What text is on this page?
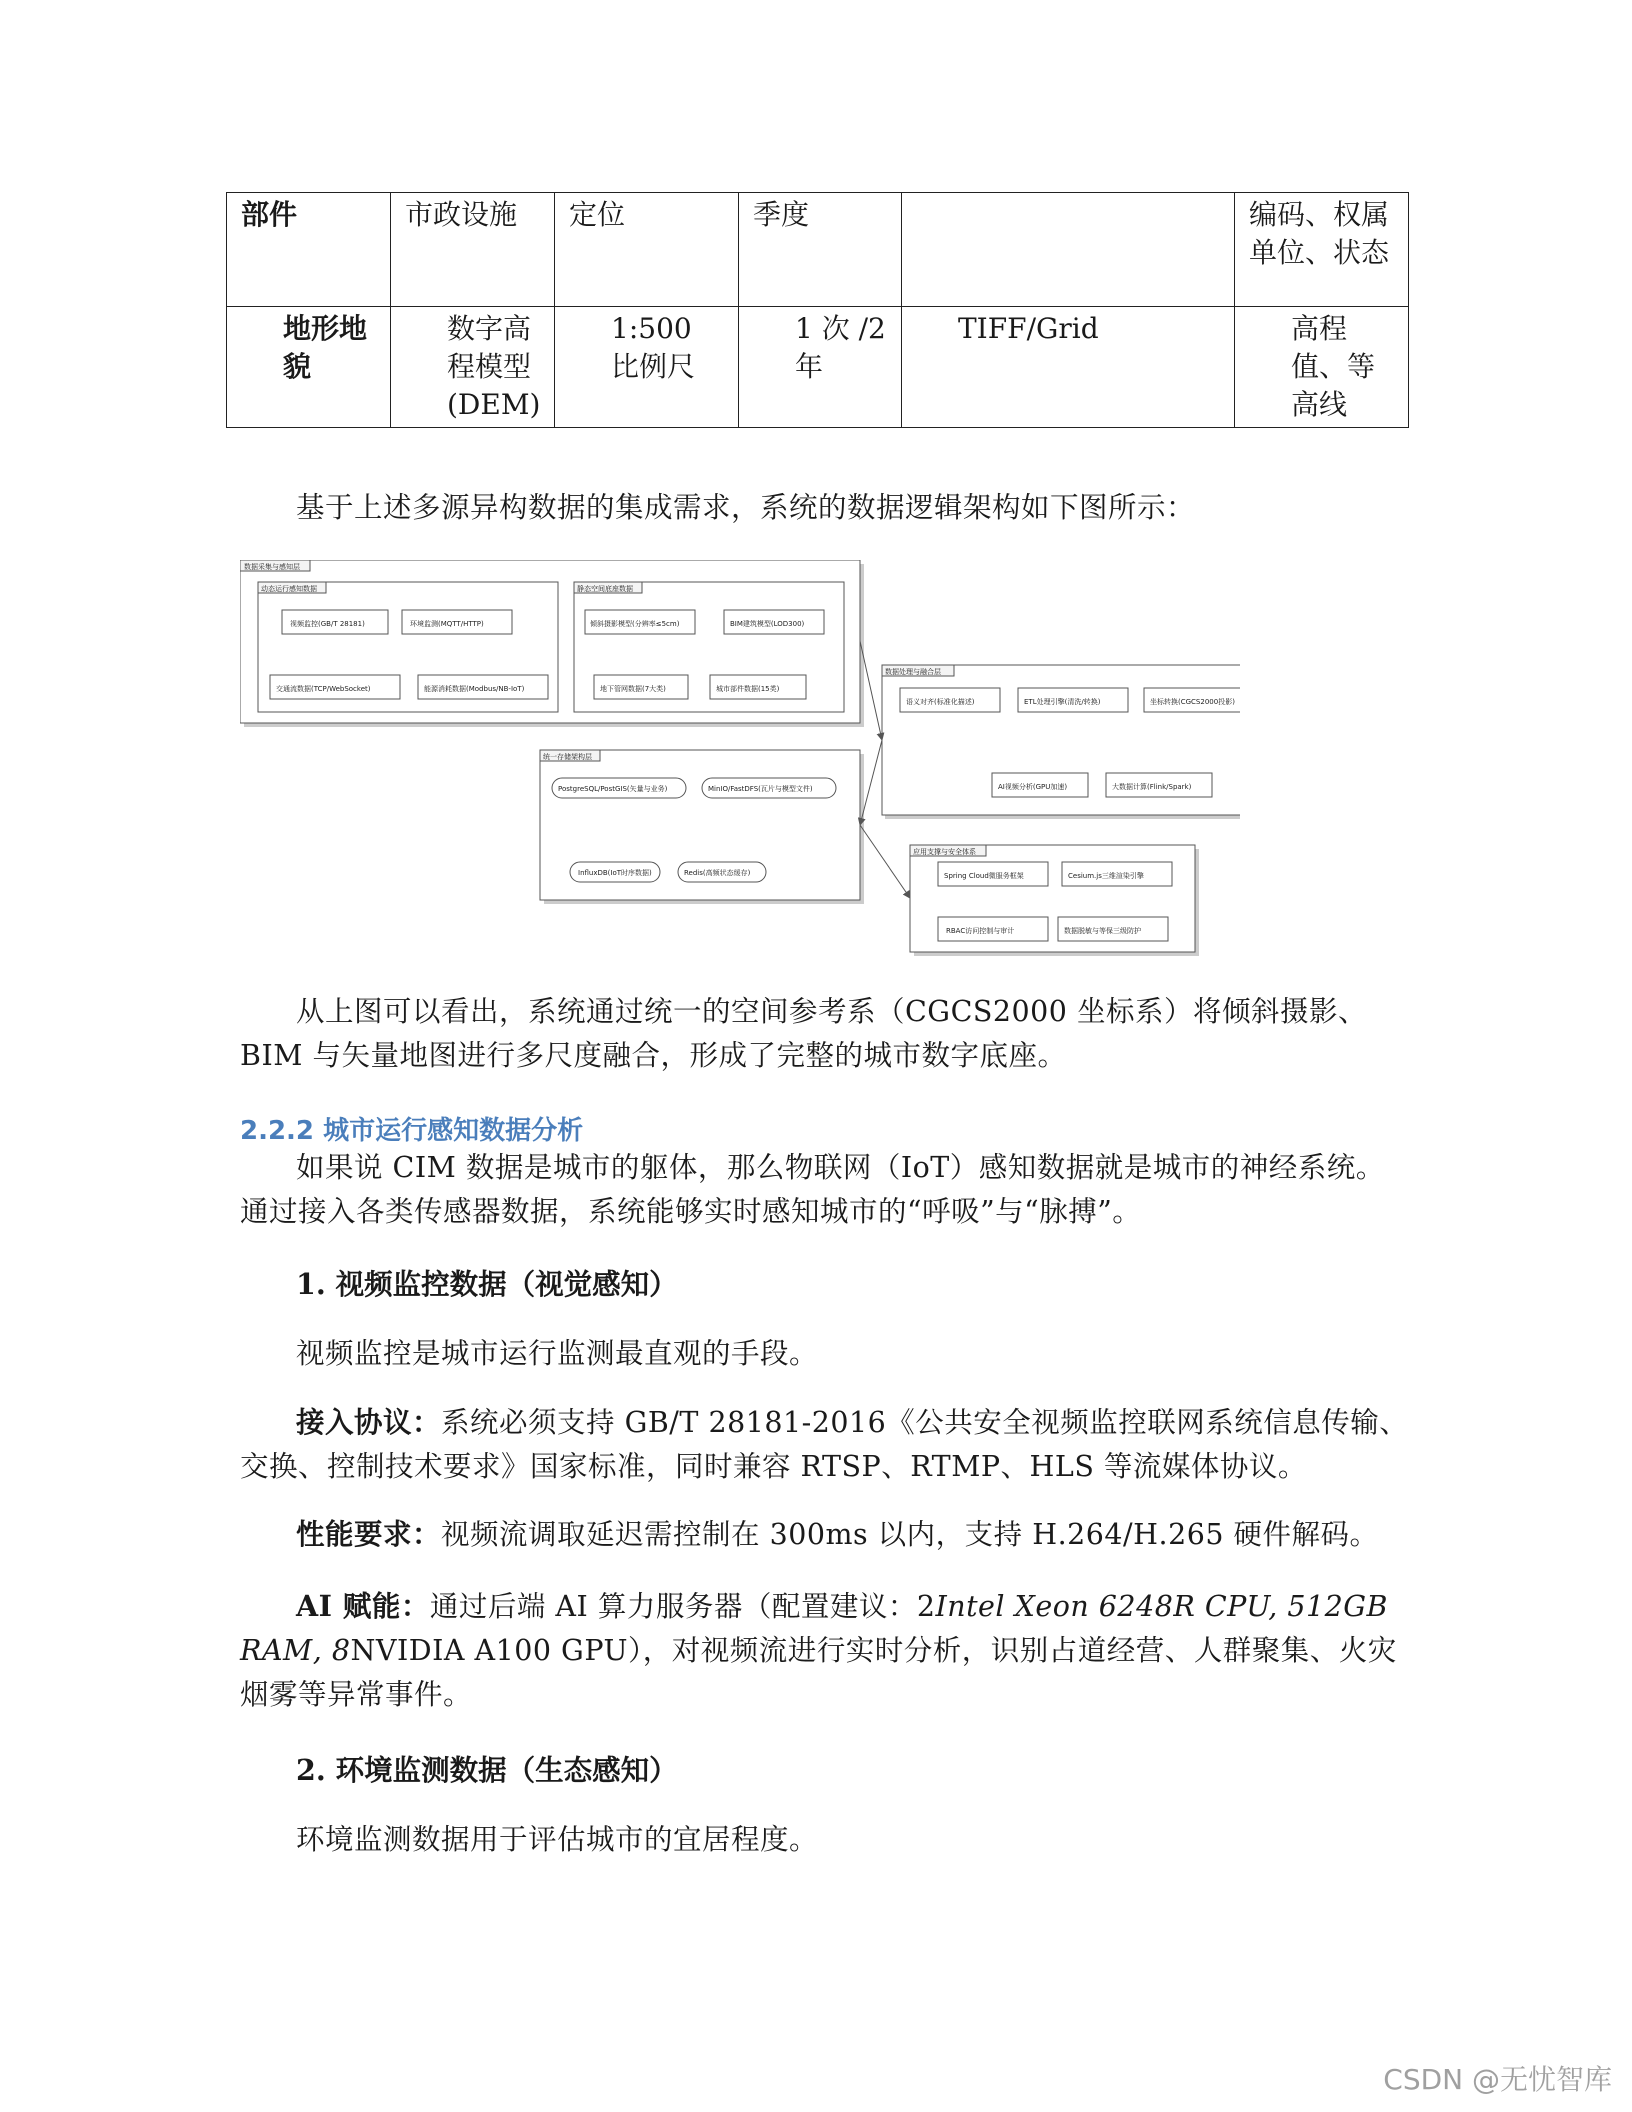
部件	市政设施	定位	季度		编码、权属单位、状态
地形地貌	数字高程模型(DEM)	1:500 比例尺	1 次 /2 年	TIFF/Grid	高程值、等高线

基于上述多源异构数据的集成需求，系统的数据逻辑架构如下图所示：

数据采集与感知层
动态运行感知数据	静态空间底座数据
数据处理与融合层
统一存储架构层
应用支撑与安全体系
视频监控(GB/T 28181)	环境监测(MQTT/HTTP)
交通流数据(TCP/WebSocket)	能源消耗数据(Modbus/NB-IoT)
倾斜摄影模型(分辨率≤5cm)	BIM建筑模型(LOD300)
地下管网数据(7大类)	城市部件数据(15类)
语义对齐(标准化描述)	ETL处理引擎(清洗/转换)	坐标转换(CGCS2000投影)
AI视频分析(GPU加速)	大数据计算(Flink/Spark)
PostgreSQL/PostGIS(矢量与业务)	MinIO/FastDFS(瓦片与模型文件)
InfluxDB(IoT时序数据)	Redis(高频状态缓存)	Spring Cloud微服务框架	Cesium.js三维渲染引擎
RBAC访问控制与审计	数据脱敏与等保三级防护

从上图可以看出，系统通过统一的空间参考系（CGCS2000 坐标系）将倾斜摄影、BIM 与矢量地图进行多尺度融合，形成了完整的城市数字底座。

2.2.2 城市运行感知数据分析

如果说 CIM 数据是城市的躯体，那么物联网（IoT）感知数据就是城市的神经系统。通过接入各类传感器数据，系统能够实时感知城市的“呼吸”与“脉搏”。

1. 视频监控数据（视觉感知）

视频监控是城市运行监测最直观的手段。

接入协议：系统必须支持 GB/T 28181-2016《公共安全视频监控联网系统信息传输、交换、控制技术要求》国家标准，同时兼容 RTSP、RTMP、HLS 等流媒体协议。

性能要求：视频流调取延迟需控制在 300ms 以内，支持 H.264/H.265 硬件解码。

AI 赋能：通过后端 AI 算力服务器（配置建议：2Intel Xeon 6248R CPU, 512GB RAM, 8NVIDIA A100 GPU），对视频流进行实时分析，识别占道经营、人群聚集、火灾烟雾等异常事件。

2. 环境监测数据（生态感知）

环境监测数据用于评估城市的宜居程度。

CSDN @无忧智库
